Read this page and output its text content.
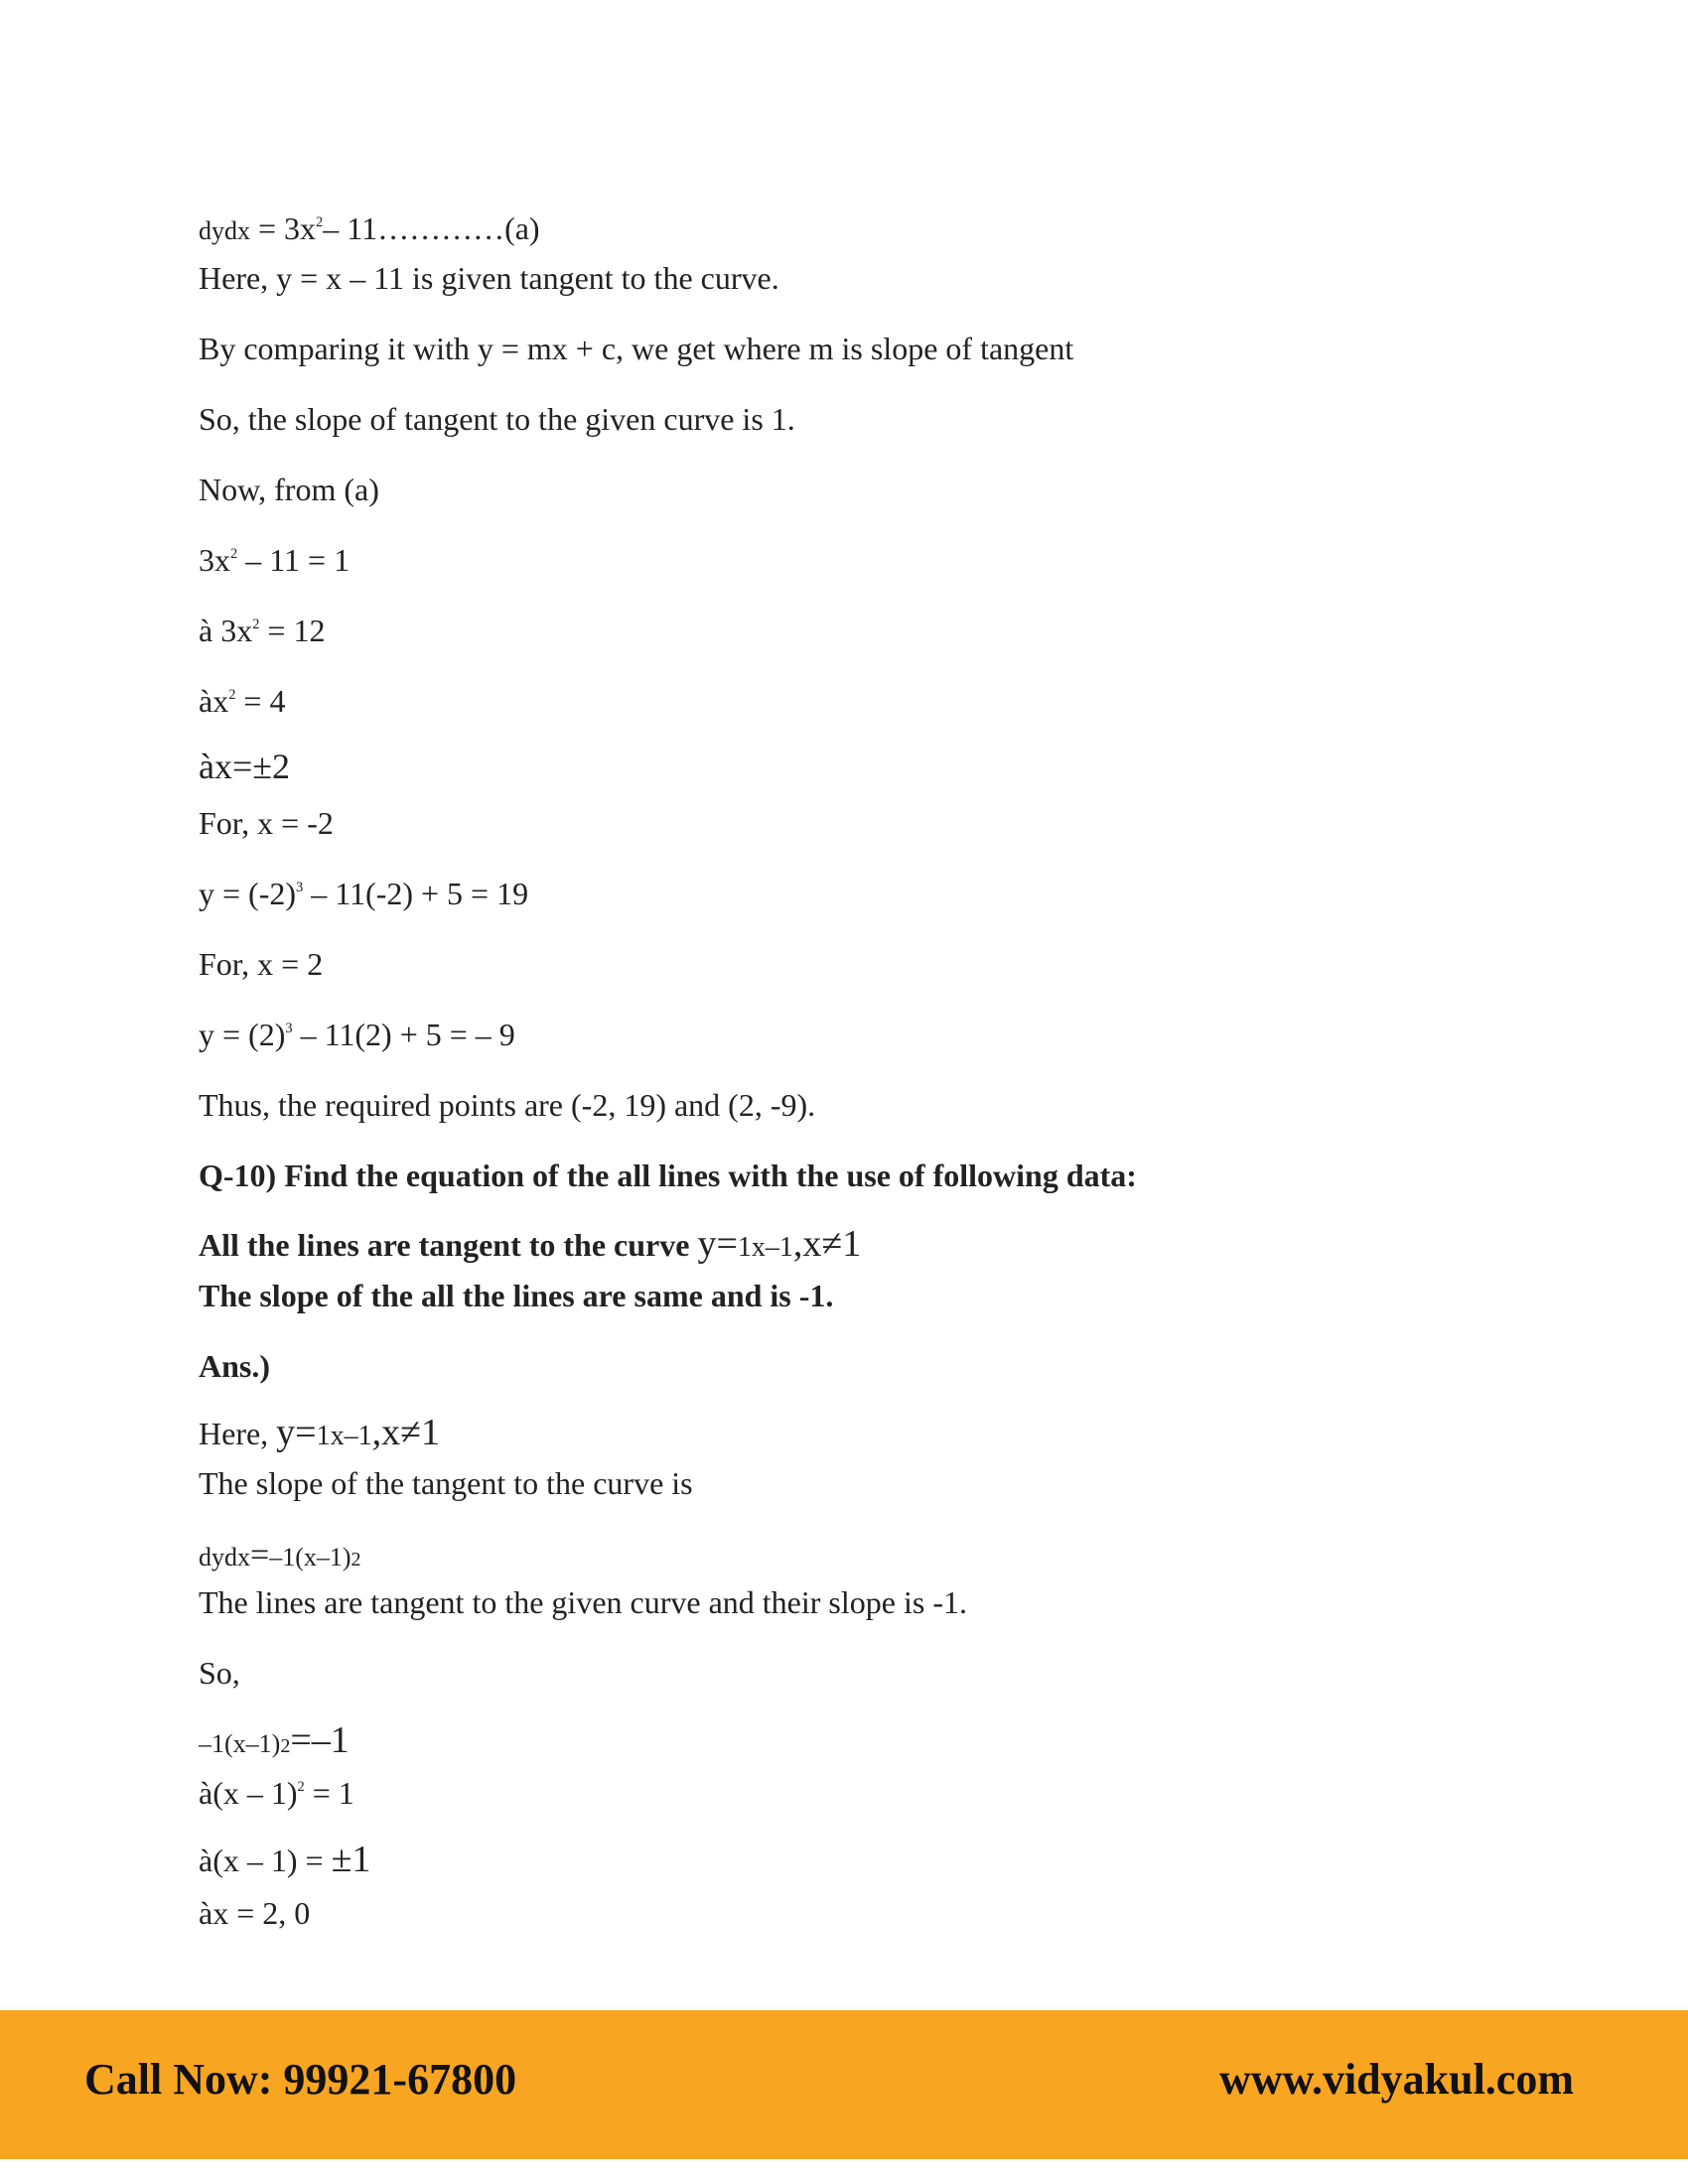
dydx = $3x^2-$ 11…………(a)
Here, y = x – 11 is given tangent to the curve.
By comparing it with y = mx + c, we get where m is slope of tangent
So, the slope of tangent to the given curve is 1.
Now, from (a)
$3x^2 - 11 = 1$
à $3x^2 = 12$
$àx^2 = 4$
àx=±2
For, x = -2
$y = (-2)^3 - 11(-2) + 5 = 19$
For, x = 2
$y = (2)^3 - 11(2) + 5$ = – 9
Thus, the required points are (-2, 19) and (2, -9).
Q-10) Find the equation of the all lines with the use of following data:
All the lines are tangent to the curve y=1x–1,x≠1
The slope of the all the lines are same and is -1.
Ans.)
Here, y=1x–1,x≠1
The slope of the tangent to the curve is
dydx=–1(x–1)2
The lines are tangent to the given curve and their slope is -1.
So,
–1(x–1)2=–1
à(x – 1)$^2$ = 1
à(x – 1) = ±1
àx = 2, 0
Call Now: 99921-67800	www.vidyakul.com
